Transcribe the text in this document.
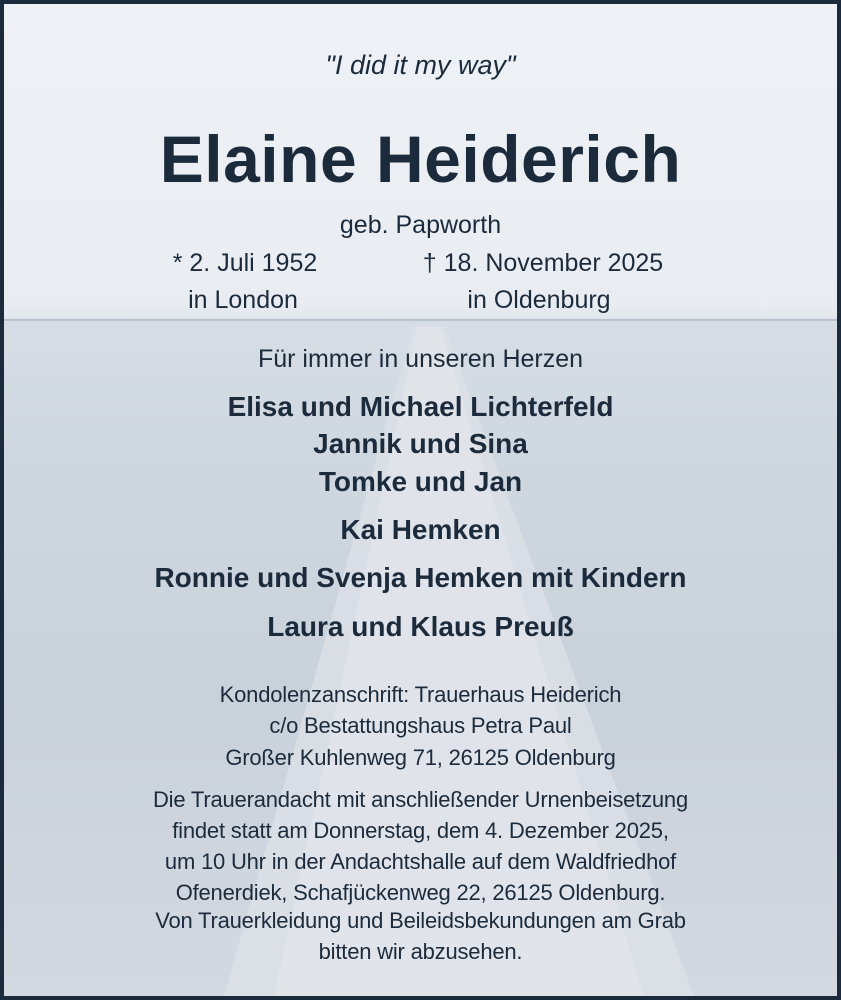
"I did it my way"
Elaine Heiderich
geb. Papworth
* 2. Juli 1952	† 18. November 2025
in London	in Oldenburg
Für immer in unseren Herzen
Elisa und Michael Lichterfeld
Jannik und Sina
Tomke und Jan
Kai Hemken
Ronnie und Svenja Hemken mit Kindern
Laura und Klaus Preuß
Kondolenzanschrift: Trauerhaus Heiderich
c/o Bestattungshaus Petra Paul
Großer Kuhlenweg 71, 26125 Oldenburg
Die Trauerandacht mit anschließender Urnenbeisetzung
findet statt am Donnerstag, dem 4. Dezember 2025,
um 10 Uhr in der Andachtshalle auf dem Waldfriedhof
Ofenerdiek, Schafjückenweg 22, 26125 Oldenburg.
Von Trauerkleidung und Beileidsbekundungen am Grab
bitten wir abzusehen.
